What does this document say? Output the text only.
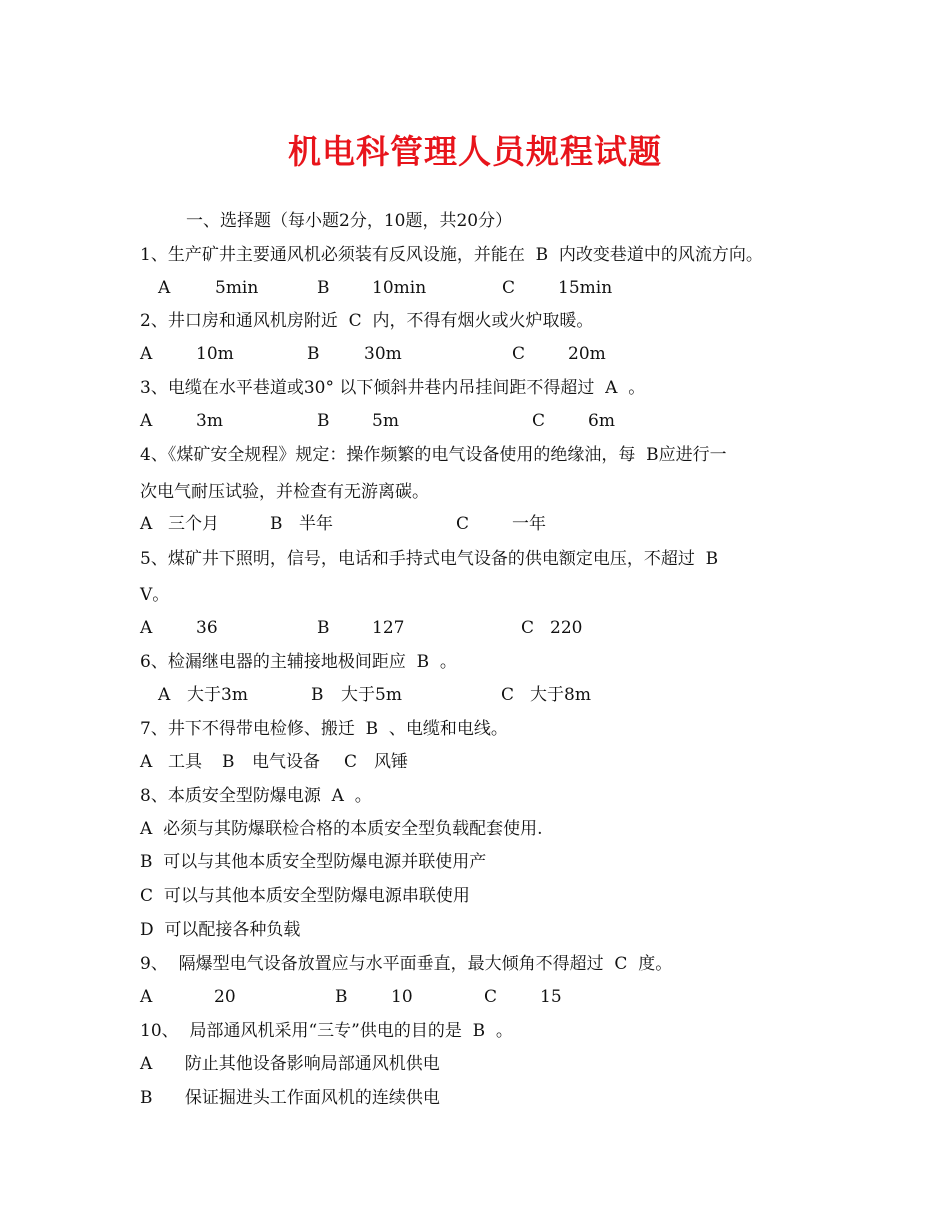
机电科管理人员规程试题
一、选择题（每小题2分，10题，共20分）
1、生产矿井主要通风机必须装有反风设施，并能在  B  内改变巷道中的风流方向。
A	5min	B	10min	C	15min
2、井口房和通风机房附近  C  内，不得有烟火或火炉取暖。
A	10m	B	30m	C	20m
3、电缆在水平巷道或30° 以下倾斜井巷内吊挂间距不得超过  A  。
A	3m	B	5m	C	6m
4、《煤矿安全规程》规定：操作频繁的电气设备使用的绝缘油，每  B应进行一
次电气耐压试验，并检查有无游离碳。
A 三个月	B 半年	C	一年
5、煤矿井下照明，信号，电话和手持式电气设备的供电额定电压，不超过  B
V。
A	36	B	127	C 220
6、检漏继电器的主辅接地极间距应  B  。
A 大于3m	B 大于5m	C 大于8m
7、井下不得带电检修、搬迁  B  、电缆和电线。
A 工具 B 电气设备 C 风锤
8、本质安全型防爆电源  A  。
A  必须与其防爆联检合格的本质安全型负载配套使用.
B  可以与其他本质安全型防爆电源并联使用产
C  可以与其他本质安全型防爆电源串联使用
D  可以配接各种负载
9、  隔爆型电气设备放置应与水平面垂直，最大倾角不得超过  C  度。
A	20	B	10	C	15
10、  局部通风机采用“三专”供电的目的是  B  。
A      防止其他设备影响局部通风机供电
B      保证掘进头工作面风机的连续供电
